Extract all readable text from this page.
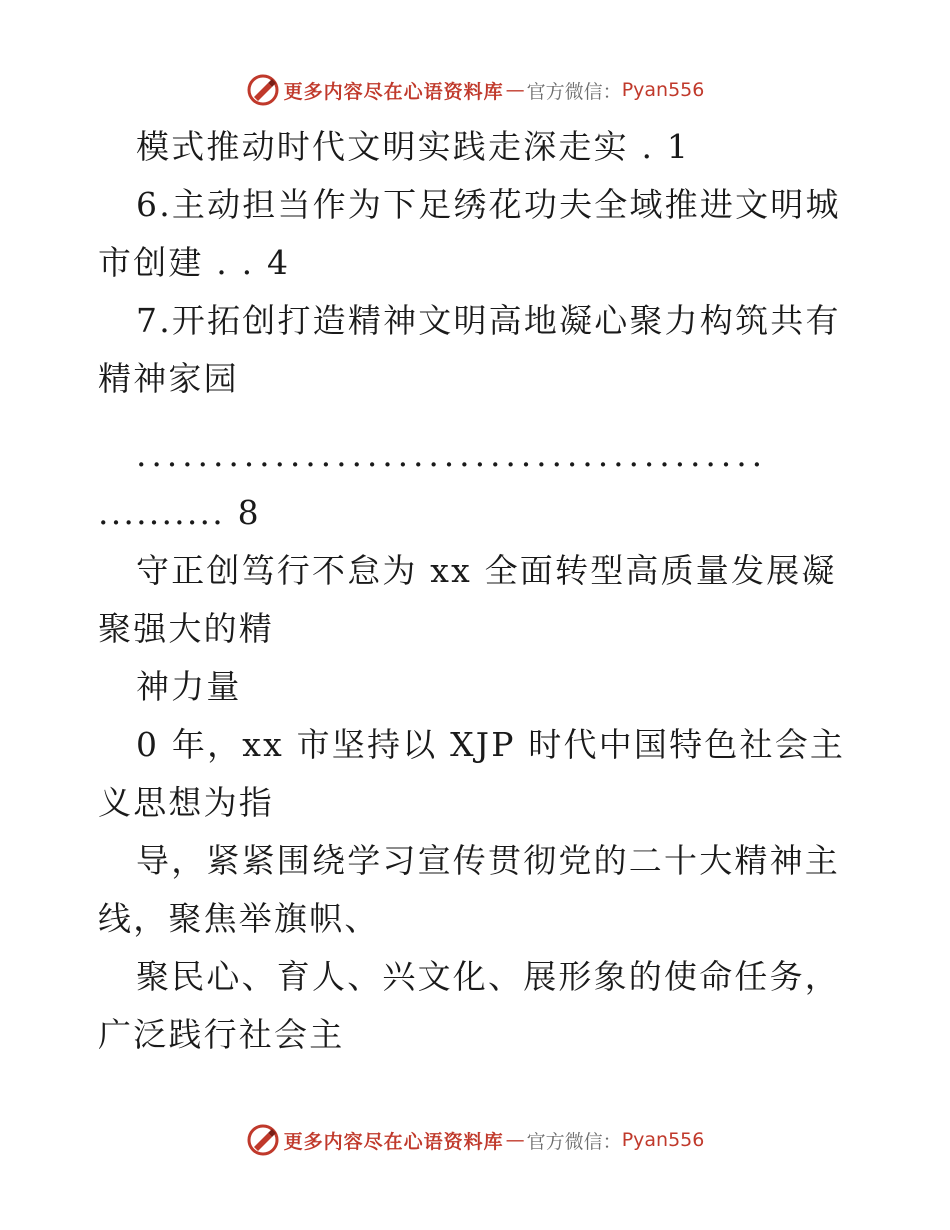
更多内容尽在心语资料库 — 官方微信： Pyan556

模式推动时代文明实践走深走实 . 1

6.主动担当作为下足绣花功夫全域推进文明城市创建 . . 4

7.开拓创打造精神文明高地凝心聚力构筑共有精神家园

.........................................

.......... 8

守正创笃行不怠为 xx 全面转型高质量发展凝聚强大的精

神力量

0 年，xx 市坚持以 XJP 时代中国特色社会主义思想为指

导，紧紧围绕学习宣传贯彻党的二十大精神主线，聚焦举旗帜、

聚民心、育人、兴文化、展形象的使命任务，广泛践行社会主

更多内容尽在心语资料库 — 官方微信： Pyan556
